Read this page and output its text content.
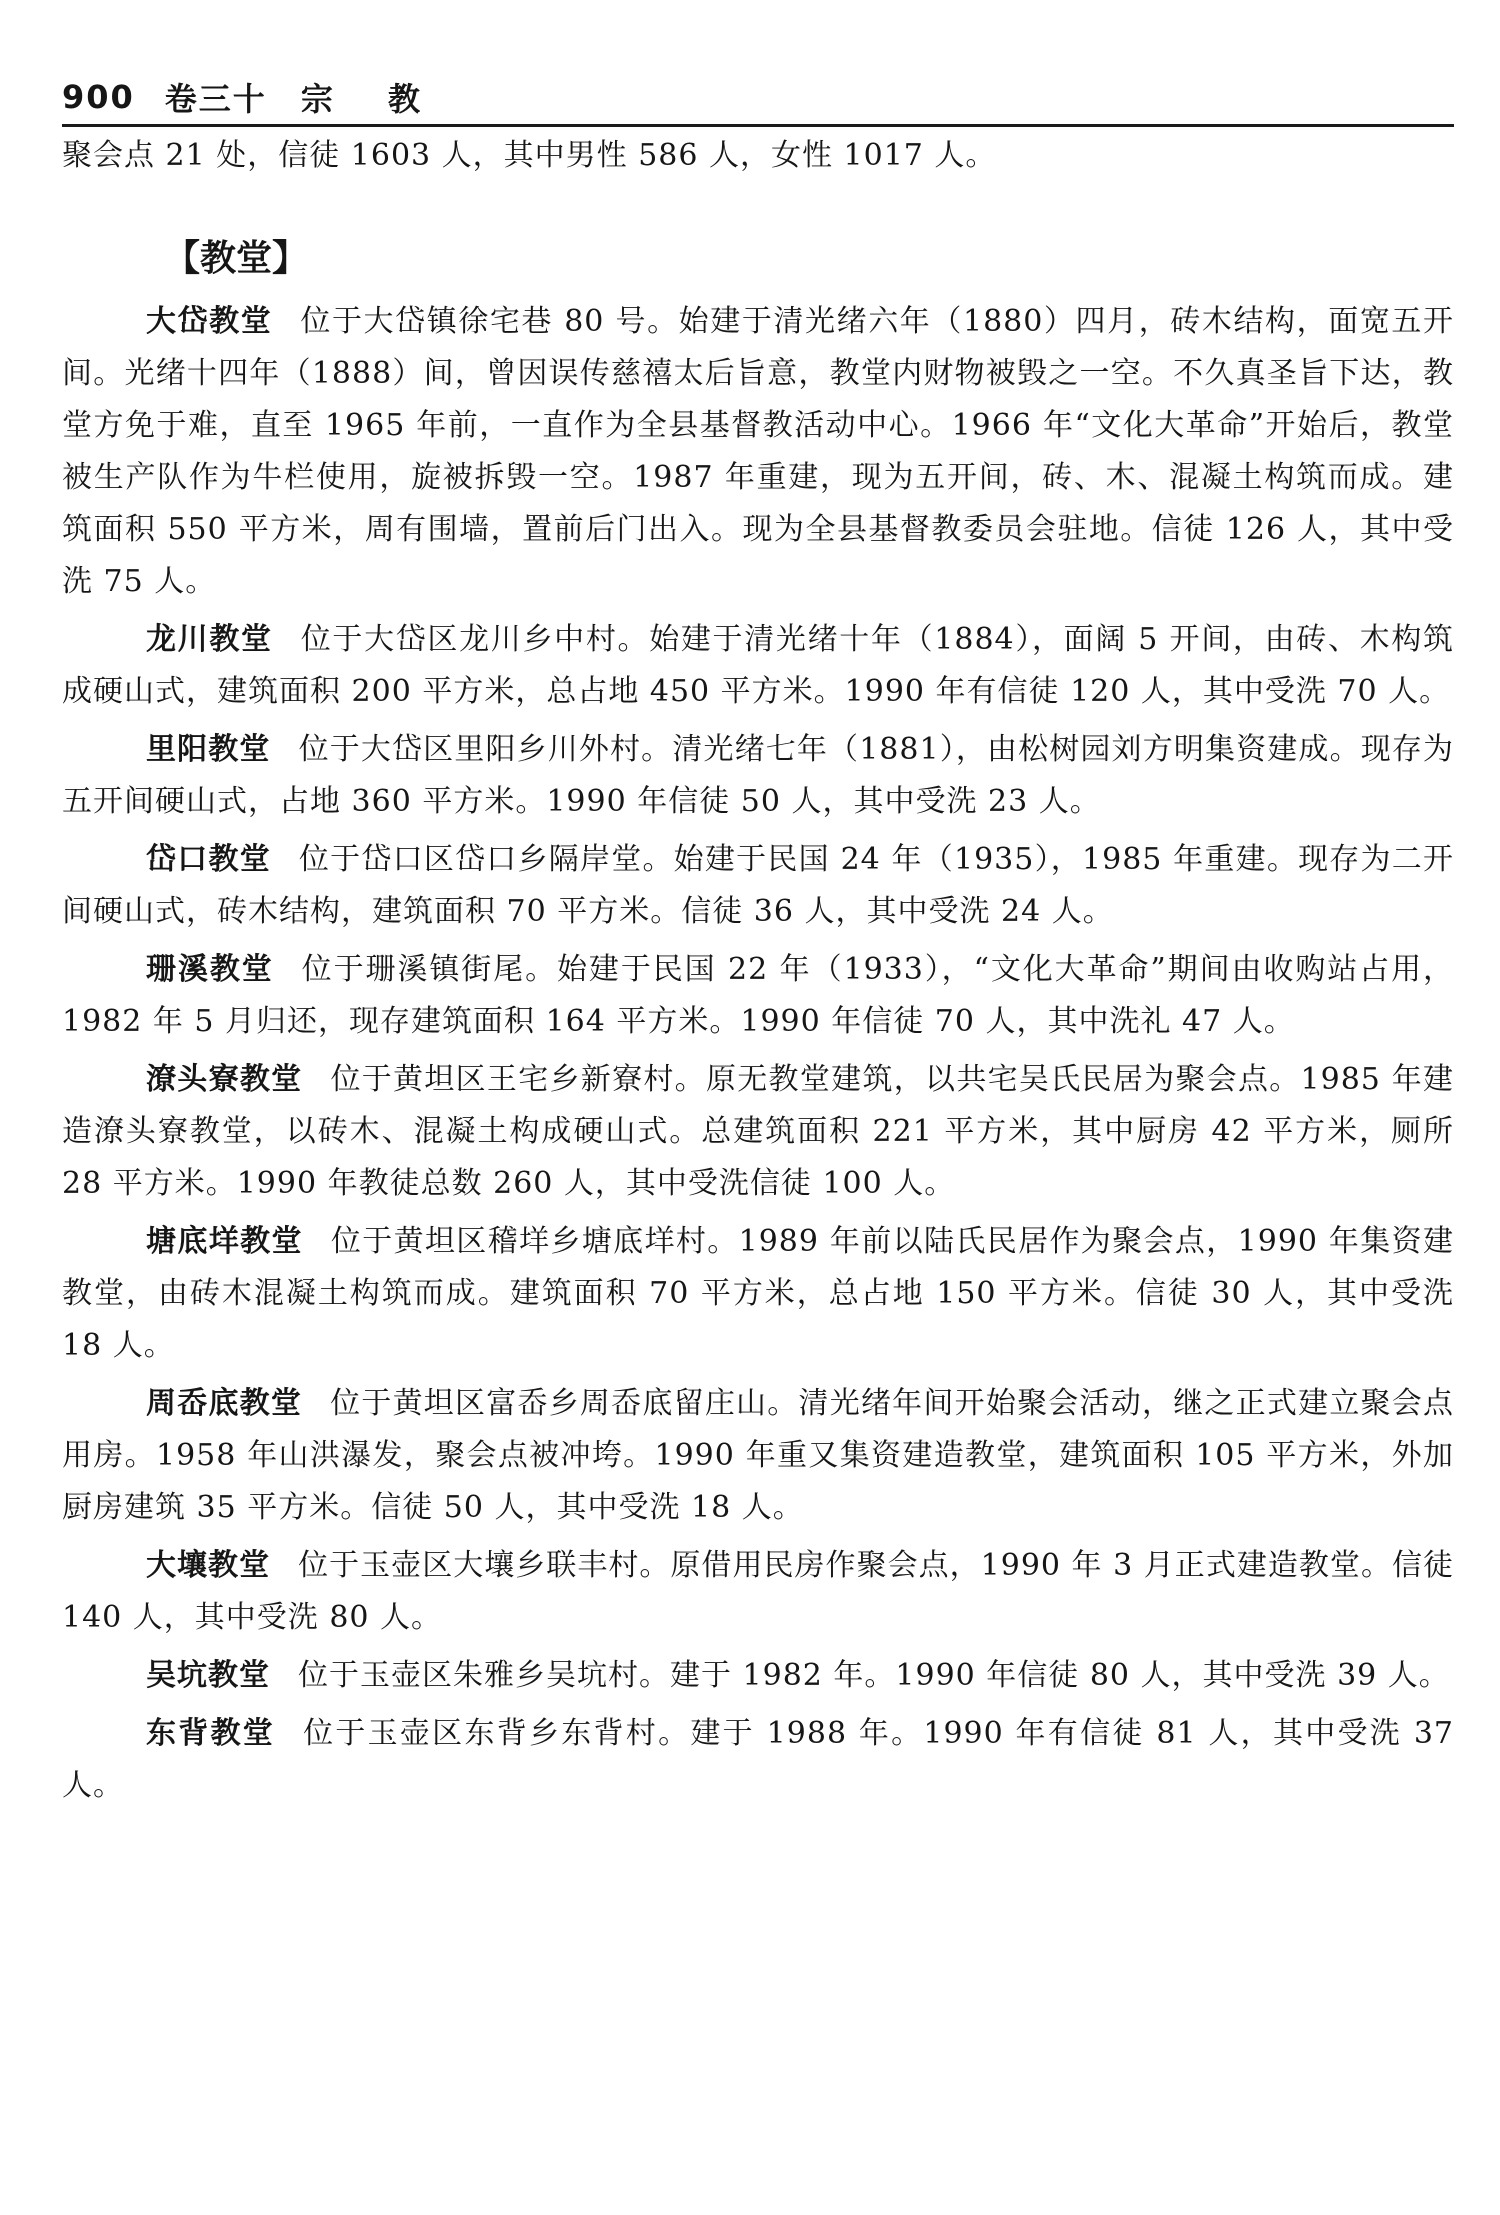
900 卷三十 宗 教

聚会点 21 处，信徒 1603 人，其中男性 586 人，女性 1017 人。

【教堂】

大岱教堂 位于大岱镇徐宅巷 80 号。始建于清光绪六年（1880）四月，砖木结构，面宽五开间。光绪十四年（1888）间，曾因误传慈禧太后旨意，教堂内财物被毁之一空。不久真圣旨下达，教堂方免于难，直至 1965 年前，一直作为全县基督教活动中心。1966 年“文化大革命”开始后，教堂被生产队作为牛栏使用，旋被拆毁一空。1987 年重建，现为五开间，砖、木、混凝土构筑而成。建筑面积 550 平方米，周有围墙，置前后门出入。现为全县基督教委员会驻地。信徒 126 人，其中受洗 75 人。

龙川教堂 位于大岱区龙川乡中村。始建于清光绪十年（1884），面阔 5 开间，由砖、木构筑成硬山式，建筑面积 200 平方米，总占地 450 平方米。1990 年有信徒 120 人，其中受洗 70 人。

里阳教堂 位于大岱区里阳乡川外村。清光绪七年（1881），由松树园刘方明集资建成。现存为五开间硬山式，占地 360 平方米。1990 年信徒 50 人，其中受洗 23 人。

岱口教堂 位于岱口区岱口乡隔岸堂。始建于民国 24 年（1935），1985 年重建。现存为二开间硬山式，砖木结构，建筑面积 70 平方米。信徒 36 人，其中受洗 24 人。

珊溪教堂 位于珊溪镇街尾。始建于民国 22 年（1933），“文化大革命”期间由收购站占用，1982 年 5 月归还，现存建筑面积 164 平方米。1990 年信徒 70 人，其中洗礼 47 人。

潦头寮教堂 位于黄坦区王宅乡新寮村。原无教堂建筑，以共宅吴氏民居为聚会点。1985 年建造潦头寮教堂，以砖木、混凝土构成硬山式。总建筑面积 221 平方米，其中厨房 42 平方米，厕所 28 平方米。1990 年教徒总数 260 人，其中受洗信徒 100 人。

塘底垟教堂 位于黄坦区稽垟乡塘底垟村。1989 年前以陆氏民居作为聚会点，1990 年集资建教堂，由砖木混凝土构筑而成。建筑面积 70 平方米，总占地 150 平方米。信徒 30 人，其中受洗 18 人。

周岙底教堂 位于黄坦区富岙乡周岙底留庄山。清光绪年间开始聚会活动，继之正式建立聚会点用房。1958 年山洪瀑发，聚会点被冲垮。1990 年重又集资建造教堂，建筑面积 105 平方米，外加厨房建筑 35 平方米。信徒 50 人，其中受洗 18 人。

大壤教堂 位于玉壶区大壤乡联丰村。原借用民房作聚会点，1990 年 3 月正式建造教堂。信徒 140 人，其中受洗 80 人。

吴坑教堂 位于玉壶区朱雅乡吴坑村。建于 1982 年。1990 年信徒 80 人，其中受洗 39 人。

东背教堂 位于玉壶区东背乡东背村。建于 1988 年。1990 年有信徒 81 人，其中受洗 37 人。
